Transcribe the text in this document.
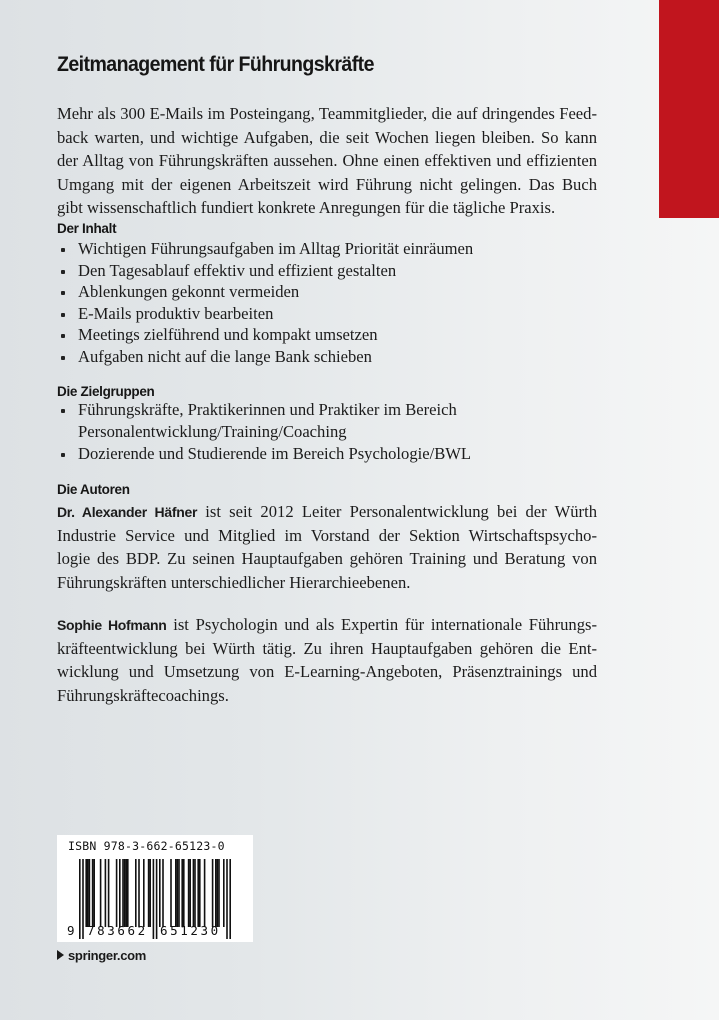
Zeitmanagement für Führungskräfte
Mehr als 300 E-Mails im Posteingang, Teammitglieder, die auf dringendes Feed-
back warten, und wichtige Aufgaben, die seit Wochen liegen bleiben. So kann
der Alltag von Führungskräften aussehen. Ohne einen effektiven und effizienten
Umgang mit der eigenen Arbeitszeit wird Führung nicht gelingen. Das Buch
gibt wissenschaftlich fundiert konkrete Anregungen für die tägliche Praxis.
Der Inhalt
Wichtigen Führungsaufgaben im Alltag Priorität einräumen
Den Tagesablauf effektiv und effizient gestalten
Ablenkungen gekonnt vermeiden
E-Mails produktiv bearbeiten
Meetings zielführend und kompakt umsetzen
Aufgaben nicht auf die lange Bank schieben
Die Zielgruppen
Führungskräfte, Praktikerinnen und Praktiker im Bereich
Personalentwicklung/Training/Coaching
Dozierende und Studierende im Bereich Psychologie/BWL
Die Autoren
Dr. Alexander Häfner ist seit 2012 Leiter Personalentwicklung bei der Würth
Industrie Service und Mitglied im Vorstand der Sektion Wirtschaftspsycho-
logie des BDP. Zu seinen Hauptaufgaben gehören Training und Beratung von
Führungskräften unterschiedlicher Hierarchieebenen.
Sophie Hofmann ist Psychologin und als Expertin für internationale Führungs-
kräfteentwicklung bei Würth tätig. Zu ihren Hauptaufgaben gehören die Ent-
wicklung und Umsetzung von E-Learning-Angeboten, Präsenztrainings und
Führungskräftecoachings.
ISBN 978-3-662-65123-0
9 783662 651230
springer.com
